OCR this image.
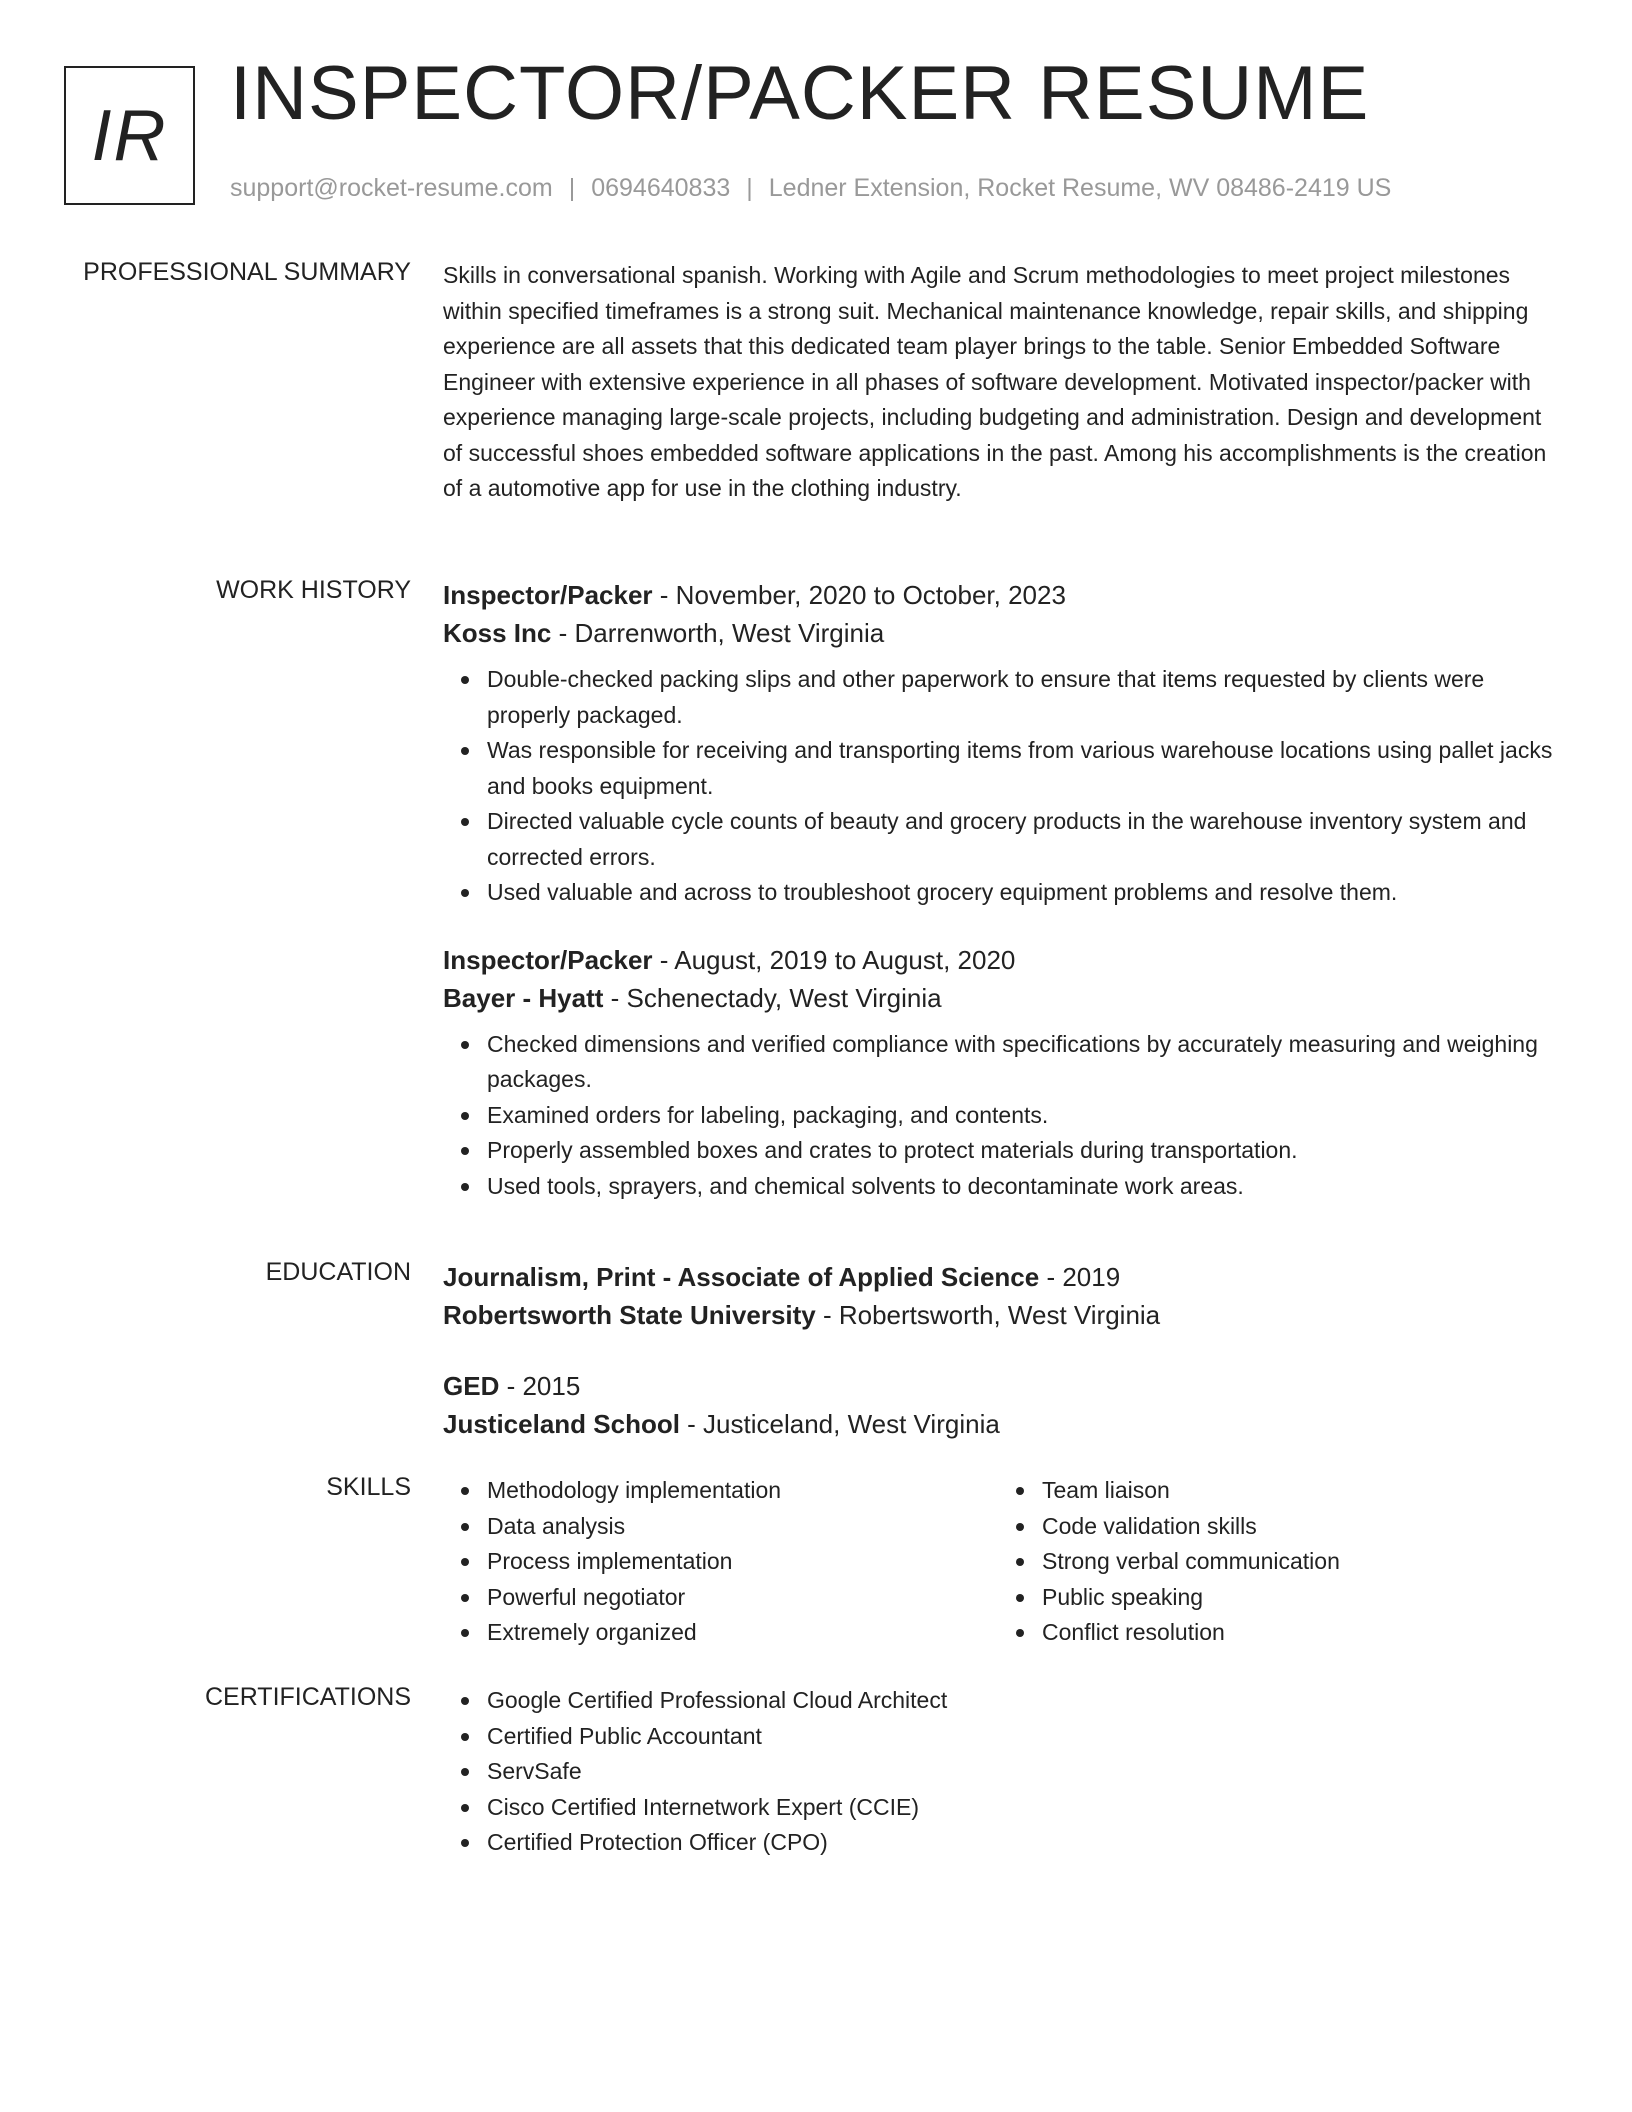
IR INSPECTOR/PACKER RESUME
support@rocket-resume.com | 0694640833 | Ledner Extension, Rocket Resume, WV 08486-2419 US
PROFESSIONAL SUMMARY Skills in conversational spanish. Working with Agile and Scrum methodologies to meet project milestones within specified timeframes is a strong suit. Mechanical maintenance knowledge, repair skills, and shipping experience are all assets that this dedicated team player brings to the table. Senior Embedded Software Engineer with extensive experience in all phases of software development. Motivated inspector/packer with experience managing large-scale projects, including budgeting and administration. Design and development of successful shoes embedded software applications in the past. Among his accomplishments is the creation of a automotive app for use in the clothing industry.

WORK HISTORY Inspector/Packer - November, 2020 to October, 2023
Koss Inc - Darrenworth, West Virginia
Double-checked packing slips and other paperwork to ensure that items requested by clients were properly packaged.
Was responsible for receiving and transporting items from various warehouse locations using pallet jacks and books equipment.
Directed valuable cycle counts of beauty and grocery products in the warehouse inventory system and corrected errors.
Used valuable and across to troubleshoot grocery equipment problems and resolve them.
Inspector/Packer - August, 2019 to August, 2020
Bayer - Hyatt - Schenectady, West Virginia
Checked dimensions and verified compliance with specifications by accurately measuring and weighing packages.
Examined orders for labeling, packaging, and contents.
Properly assembled boxes and crates to protect materials during transportation.
Used tools, sprayers, and chemical solvents to decontaminate work areas.
EDUCATION Journalism, Print - Associate of Applied Science - 2019
Robertsworth State University - Robertsworth, West Virginia
GED - 2015
Justiceland School - Justiceland, West Virginia
SKILLS	Methodology implementation
Data analysis
Process implementation
Powerful negotiator
Extremely organized
Team liaison
Code validation skills
Strong verbal communication
Public speaking
Conflict resolution
CERTIFICATIONS	Google Certified Professional Cloud Architect
Certified Public Accountant
ServSafe
Cisco Certified Internetwork Expert (CCIE)
Certified Protection Officer (CPO)
